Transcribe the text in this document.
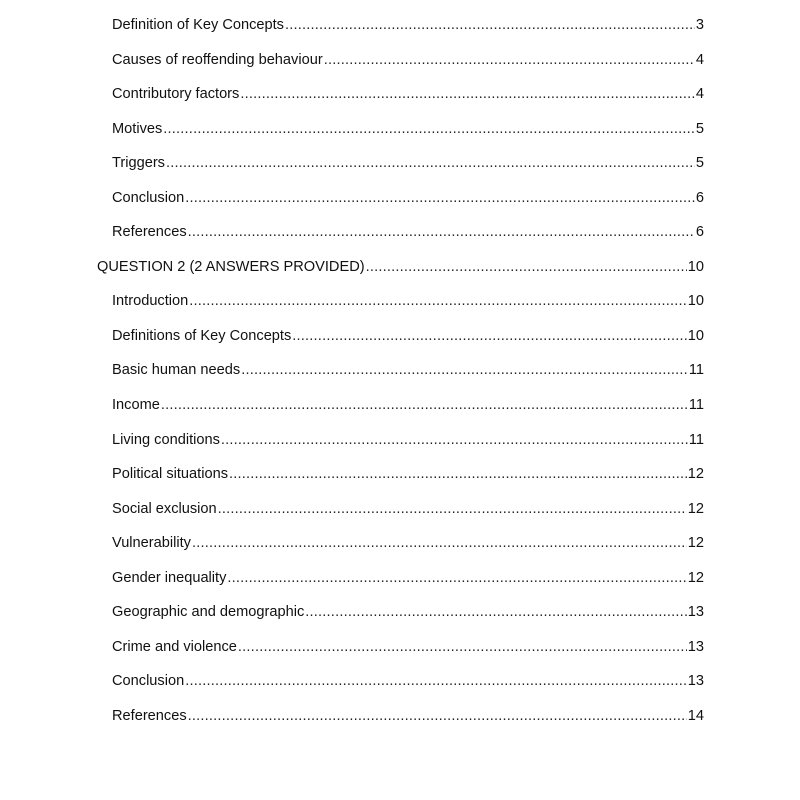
Definition of Key Concepts .....	3
Causes of reoffending behaviour .....	4
Contributory factors .....	4
Motives .....	5
Triggers .....	5
Conclusion .....	6
References .....	6
QUESTION 2 (2 ANSWERS PROVIDED) .....	10
Introduction .....	10
Definitions of Key Concepts .....	10
Basic human needs .....	11
Income .....	11
Living conditions .....	11
Political situations .....	12
Social exclusion .....	12
Vulnerability .....	12
Gender inequality .....	12
Geographic and demographic .....	13
Crime and violence .....	13
Conclusion .....	13
References .....	14
